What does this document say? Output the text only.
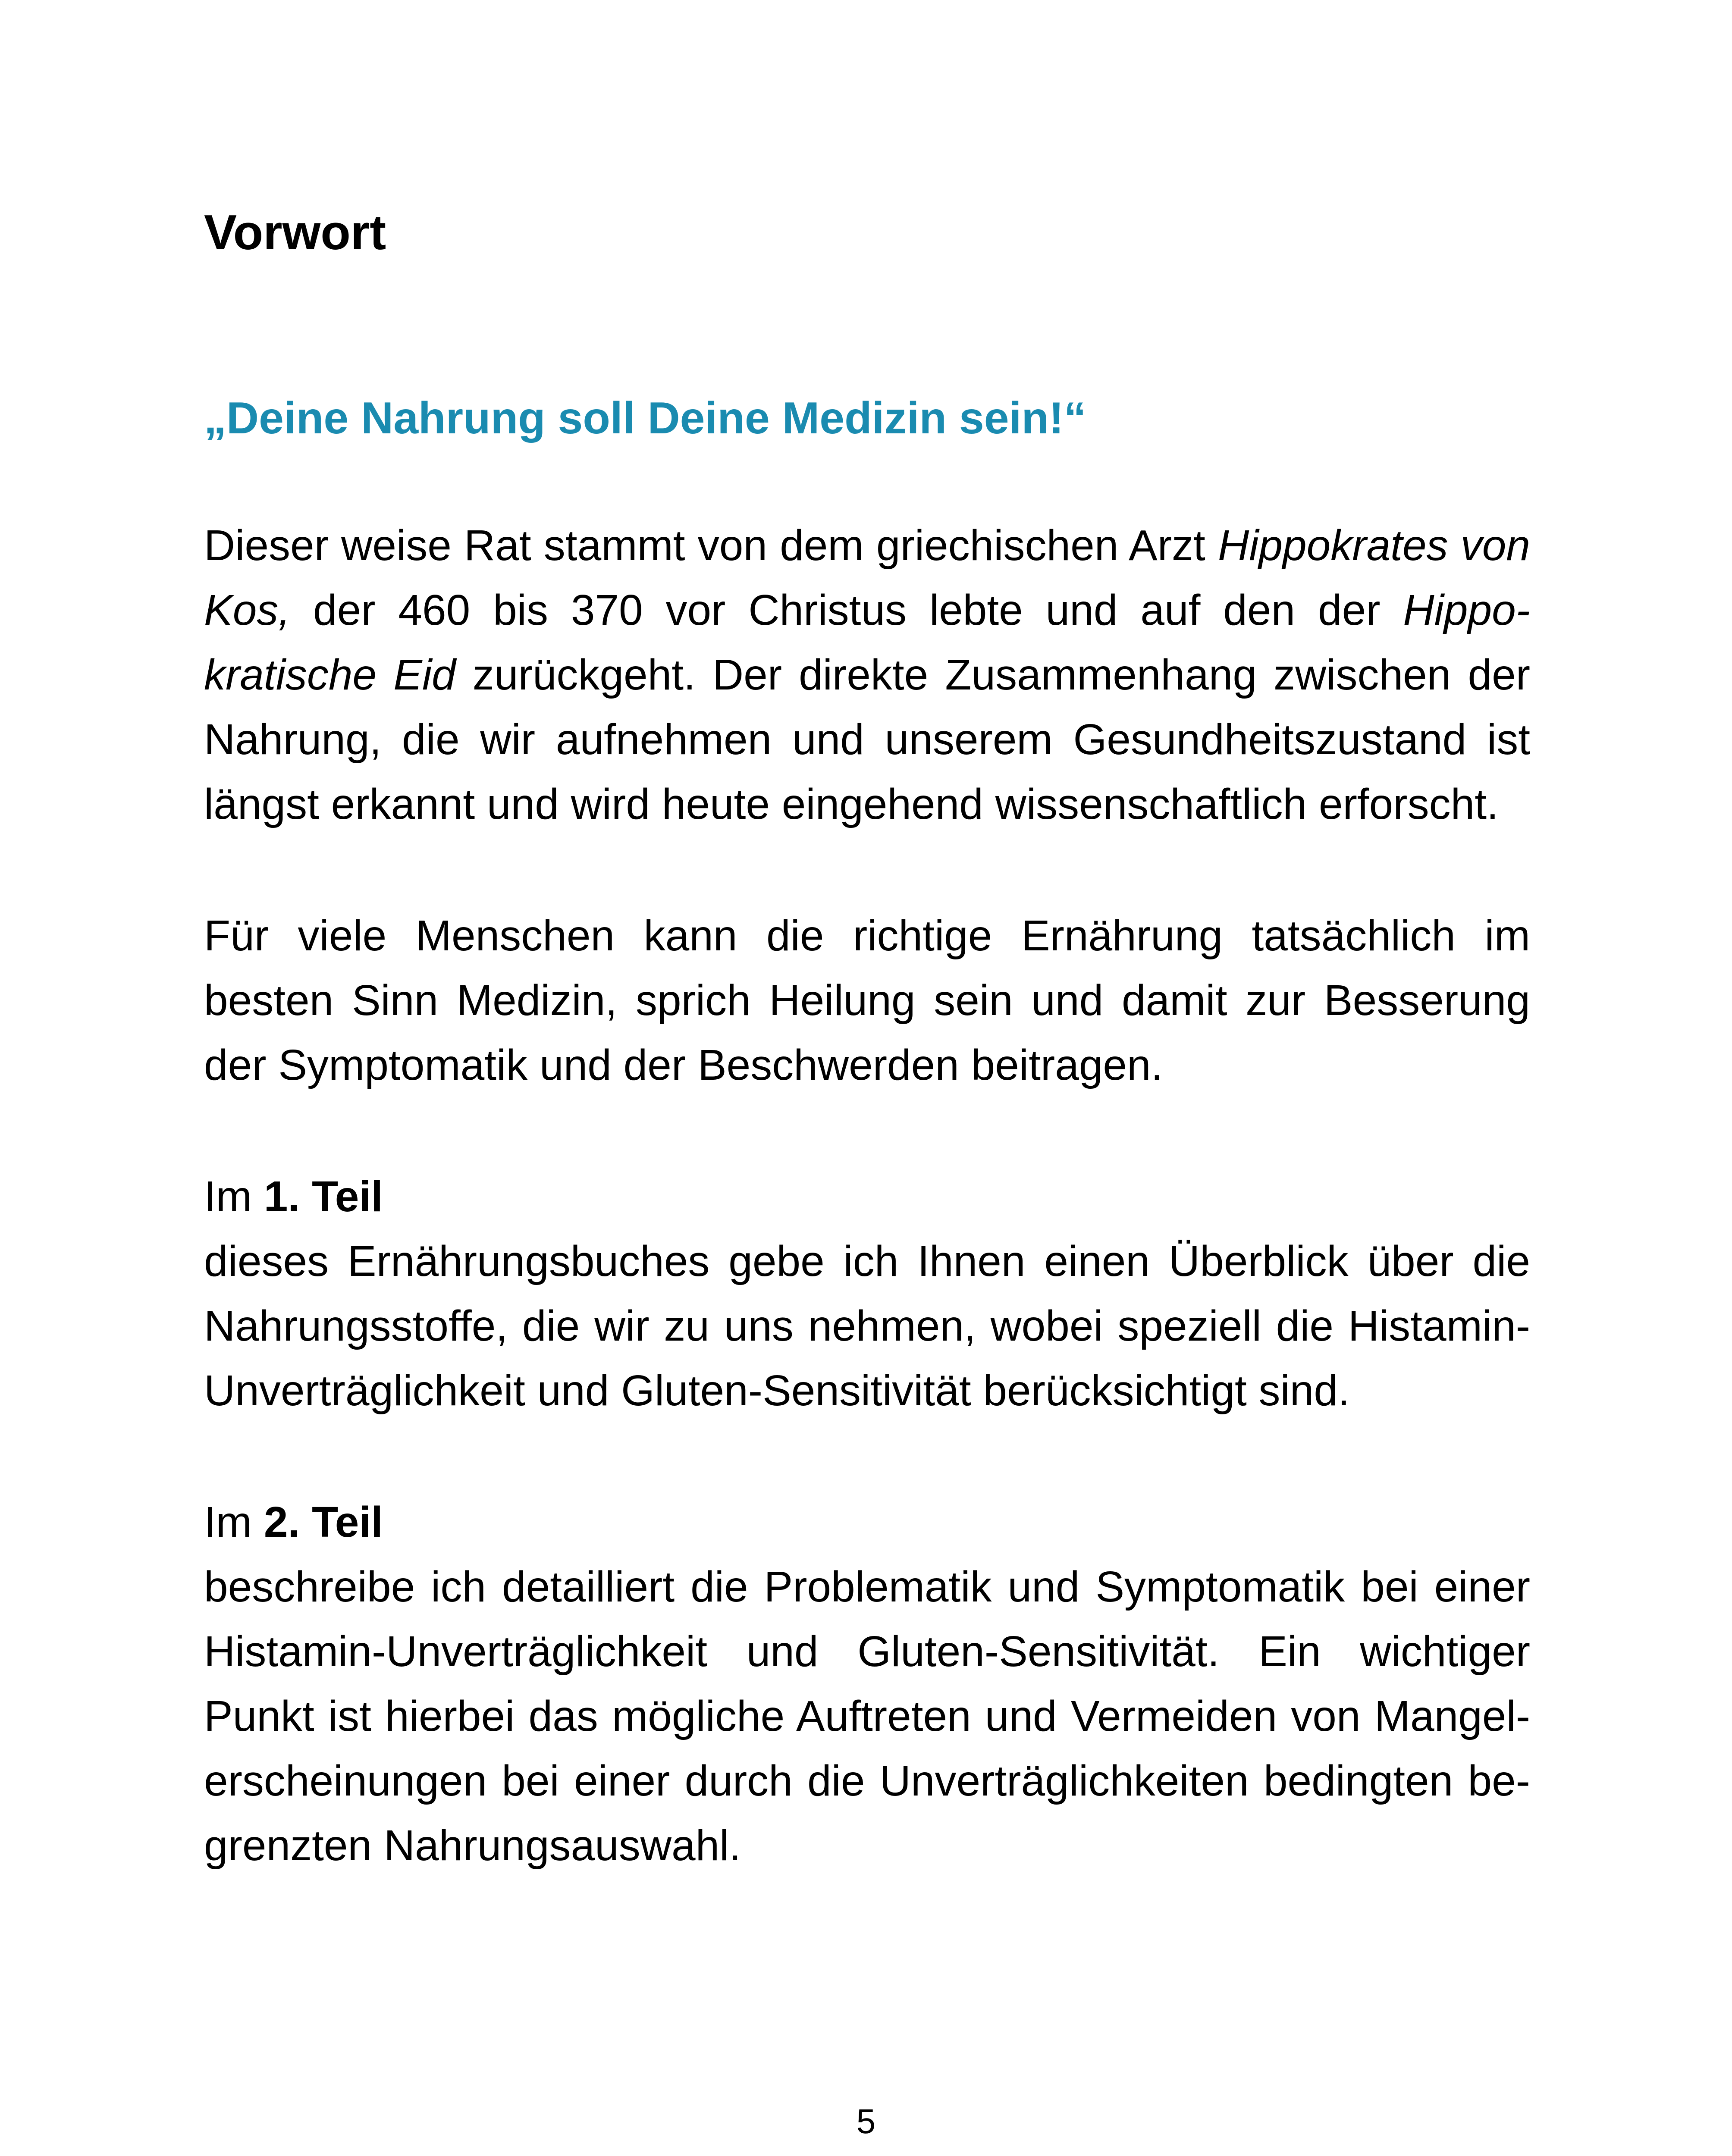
Vorwort
„Deine Nahrung soll Deine Medizin sein!“

Dieser weise Rat stammt von dem griechischen Arzt Hippokrates von Kos, der 460 bis 370 vor Christus lebte und auf den der Hippo-kratische Eid zurückgeht. Der direkte Zusammenhang zwischen der Nahrung, die wir aufnehmen und unserem Gesundheitszustand ist längst erkannt und wird heute eingehend wissenschaftlich erforscht.

Für viele Menschen kann die richtige Ernährung tatsächlich im besten Sinn Medizin, sprich Heilung sein und damit zur Besserung der Symptomatik und der Beschwerden beitragen.

Im 1. Teil

dieses Ernährungsbuches gebe ich Ihnen einen Überblick über die Nahrungsstoffe, die wir zu uns nehmen, wobei speziell die Histamin-Unverträglichkeit und Gluten-Sensitivität berücksichtigt sind.

Im 2. Teil

beschreibe ich detailliert die Problematik und Symptomatik bei einer Histamin-Unverträglichkeit und Gluten-Sensitivität. Ein wichtiger Punkt ist hierbei das mögliche Auftreten und Vermeiden von Mangel-erscheinungen bei einer durch die Unverträglichkeiten bedingten be-grenzten Nahrungsauswahl.

5
